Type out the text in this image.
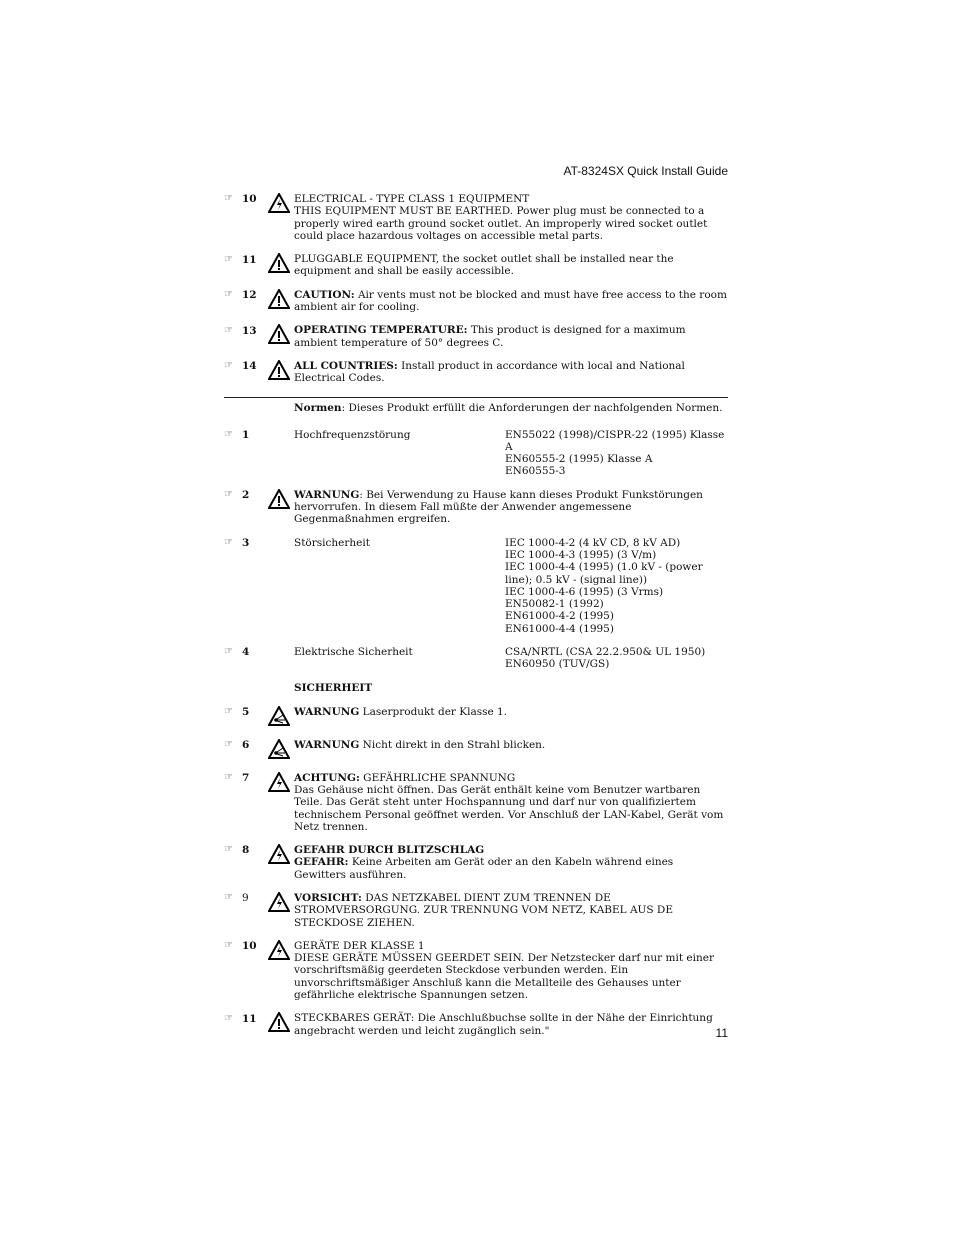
AT-8324SX Quick Install Guide
☞ 10	ELECTRICAL - TYPE CLASS 1 EQUIPMENT
THIS EQUIPMENT MUST BE EARTHED. Power plug must be connected to a properly wired earth ground socket outlet. An improperly wired socket outlet could place hazardous voltages on accessible metal parts.
☞ 11	PLUGGABLE EQUIPMENT, the socket outlet shall be installed near the equipment and shall be easily accessible.
☞ 12	CAUTION: Air vents must not be blocked and must have free access to the room ambient air for cooling.
☞ 13	OPERATING TEMPERATURE: This product is designed for a maximum ambient temperature of 50° degrees C.
☞ 14	ALL COUNTRIES: Install product in accordance with local and National Electrical Codes.
Normen: Dieses Produkt erfüllt die Anforderungen der nachfolgenden Normen.
☞ 1	Hochfrequenzstörung	EN55022 (1998)/CISPR-22 (1995) Klasse A
EN60555-2 (1995) Klasse A
EN60555-3
☞ 2	WARNUNG: Bei Verwendung zu Hause kann dieses Produkt Funkstörungen hervorrufen. In diesem Fall müßte der Anwender angemessene Gegenmaßnahmen ergreifen.
☞ 3	Störsicherheit	IEC 1000-4-2 (4 kV CD, 8 kV AD)
IEC 1000-4-3 (1995) (3 V/m)
IEC 1000-4-4 (1995) (1.0 kV - (power line); 0.5 kV - (signal line))
IEC 1000-4-6 (1995) (3 Vrms)
EN50082-1 (1992)
EN61000-4-2 (1995)
EN61000-4-4 (1995)
☞ 4	Elektrische Sicherheit	CSA/NRTL (CSA 22.2.950& UL 1950)
EN60950 (TUV/GS)
SICHERHEIT
☞ 5	WARNUNG Laserprodukt der Klasse 1.
☞ 6	WARNUNG Nicht direkt in den Strahl blicken.
☞ 7	ACHTUNG: GEFÄHRLICHE SPANNUNG
Das Gehäuse nicht öffnen. Das Gerät enthält keine vom Benutzer wartbaren Teile. Das Gerät steht unter Hochspannung und darf nur von qualifiziertem technischem Personal geöffnet werden. Vor Anschluß der LAN-Kabel, Gerät vom Netz trennen.
☞ 8	GEFAHR DURCH BLITZSCHLAG
GEFAHR: Keine Arbeiten am Gerät oder an den Kabeln während eines Gewitters ausführen.
☞ 9	VORSICHT: DAS NETZKABEL DIENT ZUM TRENNEN DE STROMVERSORGUNG. ZUR TRENNUNG VOM NETZ, KABEL AUS DE STECKDOSE ZIEHEN.
☞ 10	GERÄTE DER KLASSE 1
DIESE GERÄTE MÜSSEN GEERDET SEIN. Der Netzstecker darf nur mit einer vorschriftsmäßig geerdeten Steckdose verbunden werden. Ein unvorschriftsmäßiger Anschluß kann die Metallteile des Gehauses unter gefährliche elektrische Spannungen setzen.
☞ 11	STECKBARES GERÄT: Die Anschlußbuchse sollte in der Nähe der Einrichtung angebracht werden und leicht zugänglich sein."	11
